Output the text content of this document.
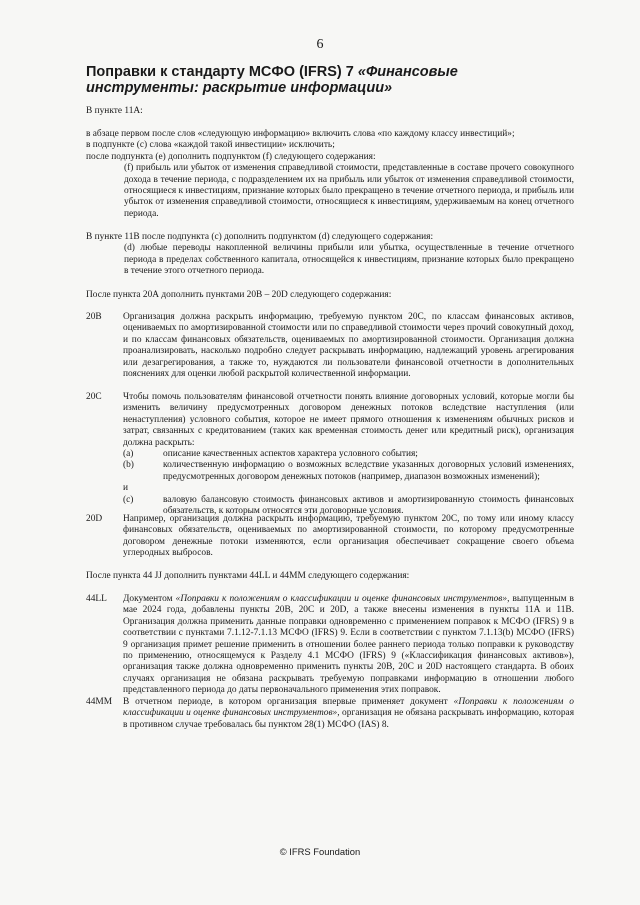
6
Поправки к стандарту МСФО (IFRS) 7 «Финансовые инструменты: раскрытие информации»

В пункте 11А:

в абзаце первом после слов «следующую информацию» включить слова «по каждому классу инвестиций»;

в подпункте (с) слова «каждой такой инвестиции» исключить;

после подпункта (е) дополнить подпунктом (f) следующего содержания:

(f) прибыль или убыток от изменения справедливой стоимости, представленные в составе прочего совокупного дохода в течение периода, с подразделением их на прибыль или убыток от изменения справедливой стоимости, относящиеся к инвестициям, признание которых было прекращено в течение отчетного периода, и прибыль или убыток от изменения справедливой стоимости, относящиеся к инвестициям, удерживаемым на конец отчетного периода.

В пункте 11В после подпункта (с) дополнить подпунктом (d) следующего содержания:

(d) любые переводы накопленной величины прибыли или убытка, осуществленные в течение отчетного периода в пределах собственного капитала, относящейся к инвестициям, признание которых было прекращено в течение этого отчетного периода.

После пункта 20А дополнить пунктами 20В – 20D следующего содержания:

20В Организация должна раскрыть информацию, требуемую пунктом 20С, по классам финансовых активов, оцениваемых по амортизированной стоимости или по справедливой стоимости через прочий совокупный доход, и по классам финансовых обязательств, оцениваемых по амортизированной стоимости. Организация должна проанализировать, насколько подробно следует раскрывать информацию, надлежащий уровень агрегирования или дезагрегирования, а также то, нуждаются ли пользователи финансовой отчетности в дополнительных пояснениях для оценки любой раскрытой количественной информации.
20С Чтобы помочь пользователям финансовой отчетности понять влияние договорных условий, которые могли бы изменить величину предусмотренных договором денежных потоков вследствие наступления (или ненаступления) условного события, которое не имеет прямого отношения к изменениям обычных рисков и затрат, связанных с кредитованием (таких как временная стоимость денег или кредитный риск), организация должна раскрыть:
(a)	описание качественных аспектов характера условного события;
(b)	количественную информацию о возможных вследствие указанных договорных условий изменениях, предусмотренных договором денежных потоков (например, диапазон возможных изменений);
и
(c)	валовую балансовую стоимость финансовых активов и амортизированную стоимость финансовых обязательств, к которым относятся эти договорные условия.
20D Например, организация должна раскрыть информацию, требуемую пунктом 20С, по тому или иному классу финансовых обязательств, оцениваемых по амортизированной стоимости, по которому предусмотренные договором денежные потоки изменяются, если организация обеспечивает сокращение своего объема углеродных выбросов.

После пункта 44 JJ дополнить пунктами 44LL и 44ММ следующего содержания:

44LL Документом «Поправки к положениям о классификации и оценке финансовых инструментов», выпущенным в мае 2024 года, добавлены пункты 20В, 20С и 20D, а также внесены изменения в пункты 11А и 11В. Организация должна применить данные поправки одновременно с применением поправок к МСФО (IFRS) 9 в соответствии с пунктами 7.1.12-7.1.13 МСФО (IFRS) 9. Если в соответствии с пунктом 7.1.13(b) МСФО (IFRS) 9 организация примет решение применить в отношении более раннего периода только поправки к руководству по применению, относящемуся к Разделу 4.1 МСФО (IFRS) 9 («Классификация финансовых активов»), организация также должна одновременно применить пункты 20В, 20С и 20D настоящего стандарта. В обоих случаях организация не обязана раскрывать требуемую поправками информацию в отношении любого представленного периода до даты первоначального применения этих поправок.
44ММ В отчетном периоде, в котором организация впервые применяет документ «Поправки к положениям о классификации и оценке финансовых инструментов», организация не обязана раскрывать информацию, которая в противном случае требовалась бы пунктом 28(1) МСФО (IAS) 8.
© IFRS Foundation
